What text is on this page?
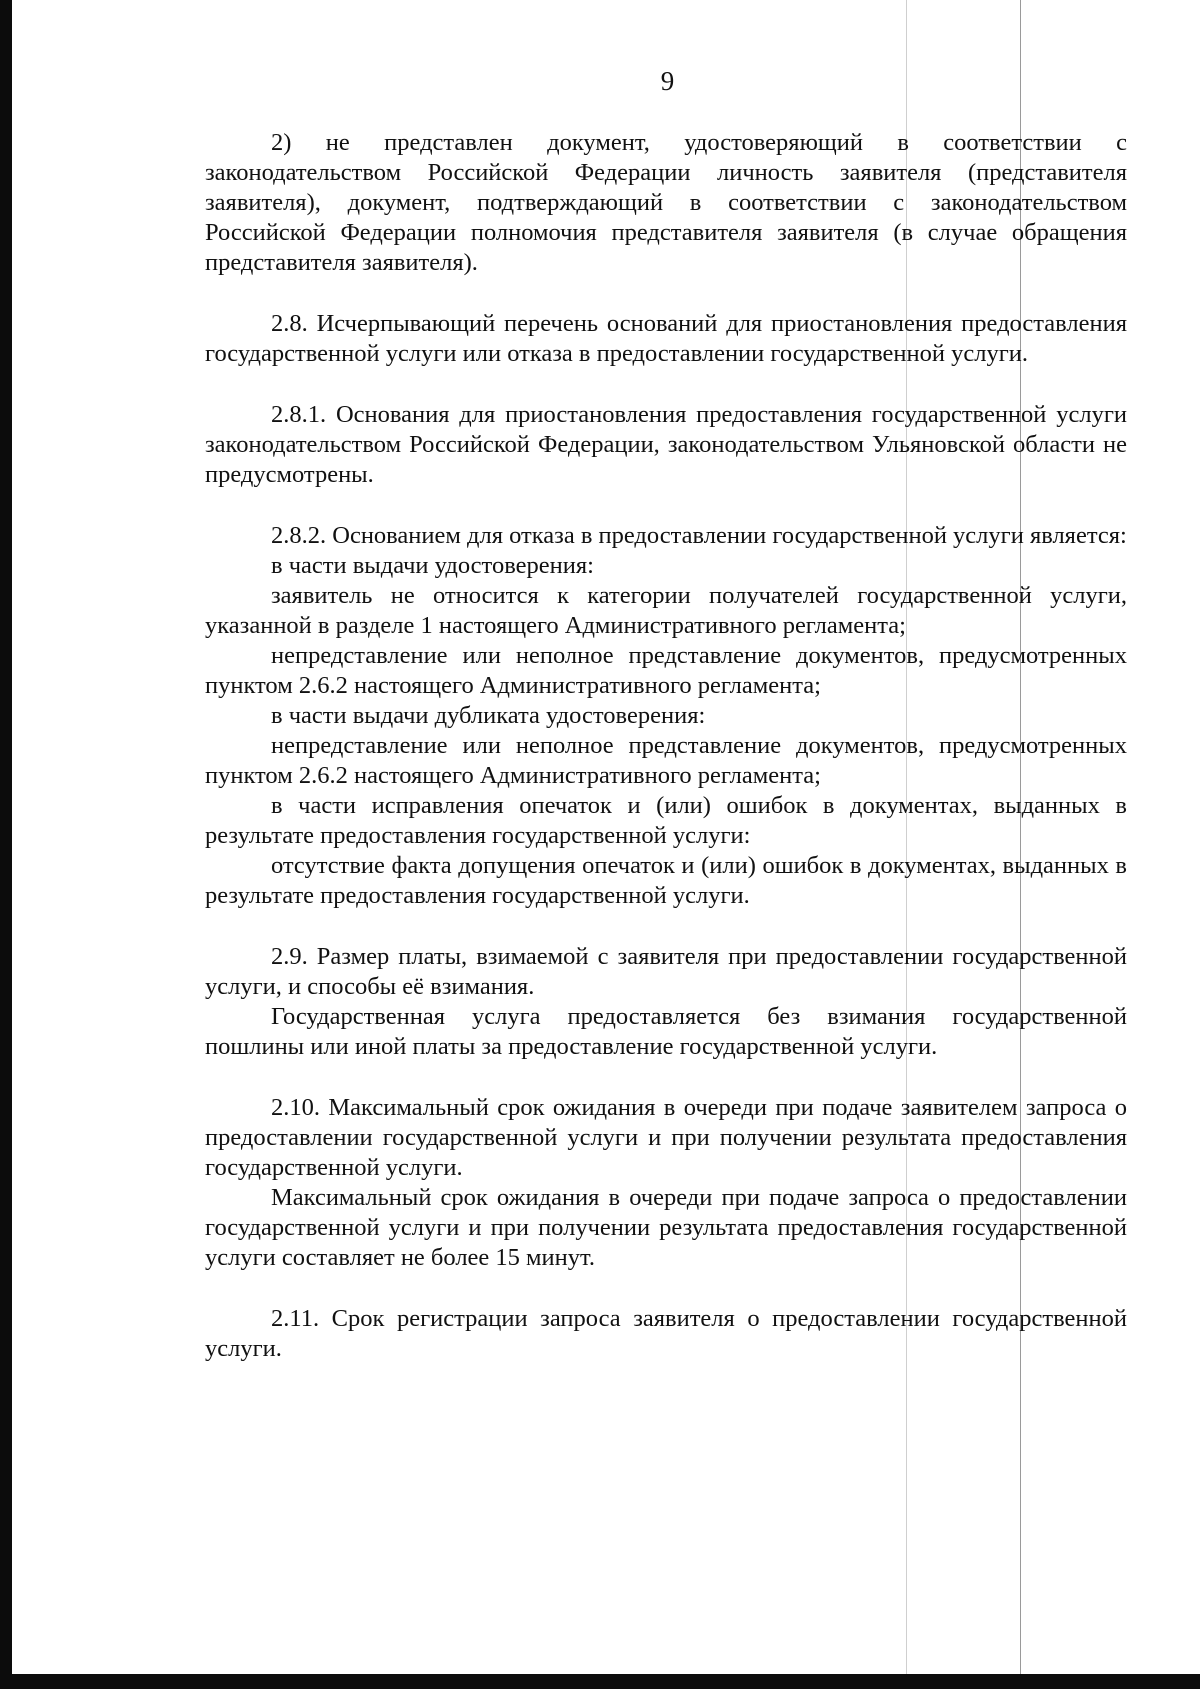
9

2) не представлен документ, удостоверяющий в соответствии с законодательством Российской Федерации личность заявителя (представителя заявителя), документ, подтверждающий в соответствии с законодательством Российской Федерации полномочия представителя заявителя (в случае обращения представителя заявителя).

2.8. Исчерпывающий перечень оснований для приостановления предоставления государственной услуги или отказа в предоставлении государственной услуги.

2.8.1. Основания для приостановления предоставления государственной услуги законодательством Российской Федерации, законодательством Ульяновской области не предусмотрены.

2.8.2. Основанием для отказа в предоставлении государственной услуги является:

в части выдачи удостоверения:

заявитель не относится к категории получателей государственной услуги, указанной в разделе 1 настоящего Административного регламента;

непредставление или неполное представление документов, предусмотренных пунктом 2.6.2 настоящего Административного регламента;

в части выдачи дубликата удостоверения:

непредставление или неполное представление документов, предусмотренных пунктом 2.6.2 настоящего Административного регламента;

в части исправления опечаток и (или) ошибок в документах, выданных в результате предоставления государственной услуги:

отсутствие факта допущения опечаток и (или) ошибок в документах, выданных в результате предоставления государственной услуги.

2.9. Размер платы, взимаемой с заявителя при предоставлении государственной услуги, и способы её взимания.

Государственная услуга предоставляется без взимания государственной пошлины или иной платы за предоставление государственной услуги.

2.10. Максимальный срок ожидания в очереди при подаче заявителем запроса о предоставлении государственной услуги и при получении результата предоставления государственной услуги.

Максимальный срок ожидания в очереди при подаче запроса о предоставлении государственной услуги и при получении результата предоставления государственной услуги составляет не более 15 минут.

2.11. Срок регистрации запроса заявителя о предоставлении государственной услуги.
